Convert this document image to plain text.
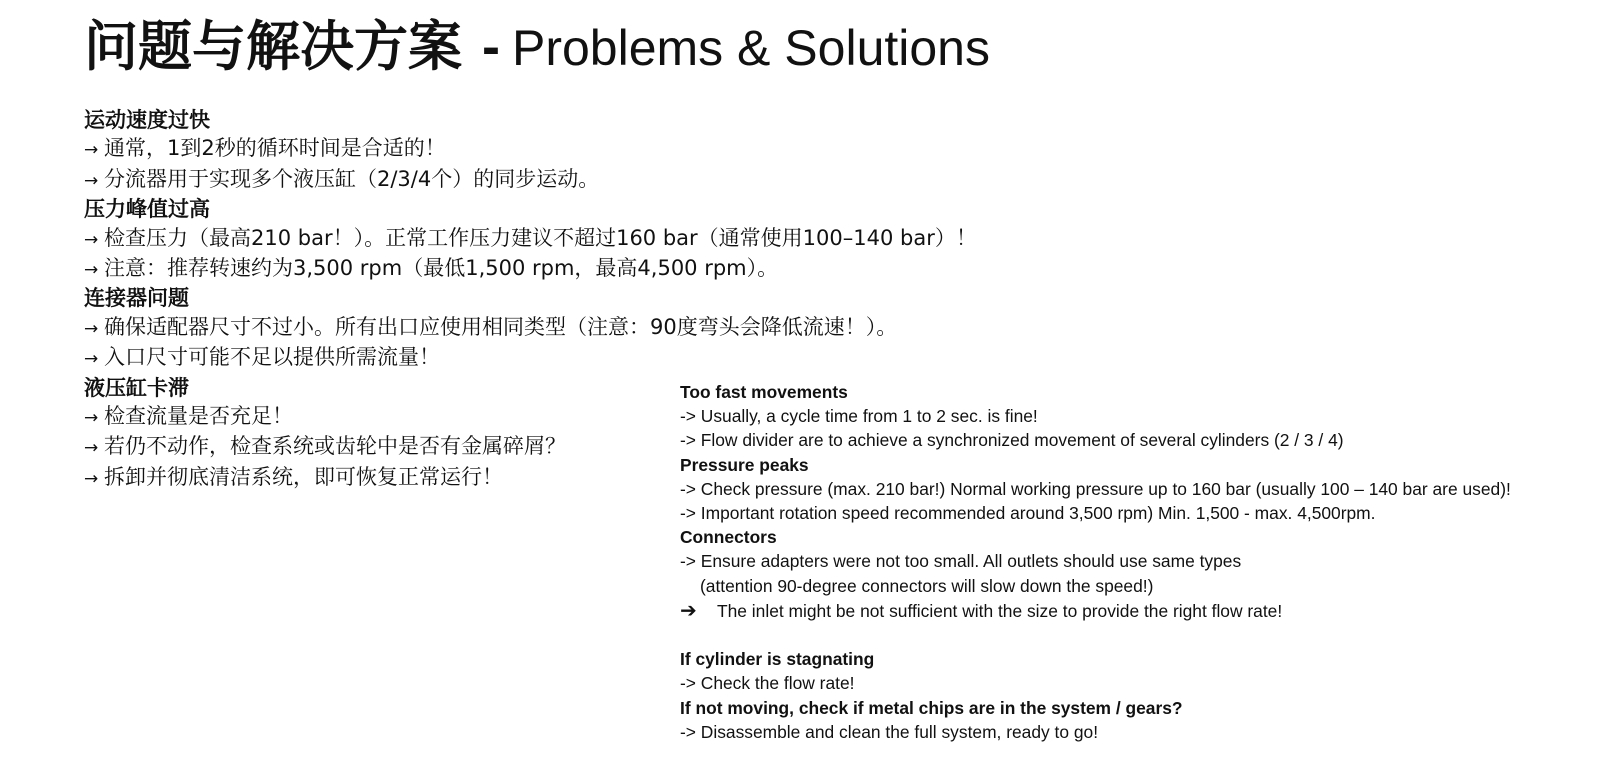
问题与解决方案 - Problems & Solutions
运动速度过快
→ 通常，1到2秒的循环时间是合适的！
→ 分流器用于实现多个液压缸（2/3/4个）的同步运动。
压力峰值过高
→ 检查压力（最高210 bar！）。正常工作压力建议不超过160 bar（通常使用100–140 bar）！
→ 注意：推荐转速约为3,500 rpm（最低1,500 rpm，最高4,500 rpm）。
连接器问题
→ 确保适配器尺寸不过小。所有出口应使用相同类型（注意：90度弯头会降低流速！）。
→ 入口尺寸可能不足以提供所需流量！
液压缸卡滞
→ 检查流量是否充足！
→ 若仍不动作，检查系统或齿轮中是否有金属碎屑？
→ 拆卸并彻底清洁系统，即可恢复正常运行！
Too fast movements
-> Usually, a cycle time from 1 to 2 sec. is fine!
-> Flow divider are to achieve a synchronized movement of several cylinders (2 / 3 / 4)
Pressure peaks
-> Check pressure (max. 210 bar!) Normal working pressure up to 160 bar (usually 100 – 140 bar are used)!
-> Important rotation speed recommended around 3,500 rpm) Min. 1,500 - max. 4,500rpm.
Connectors
-> Ensure adapters were not too small. All outlets should use same types
(attention 90-degree connectors will slow down the speed!)
➔ The inlet might be not sufficient with the size to provide the right flow rate!
If cylinder is stagnating
-> Check the flow rate!
If not moving, check if metal chips are in the system / gears?
-> Disassemble and clean the full system, ready to go!
